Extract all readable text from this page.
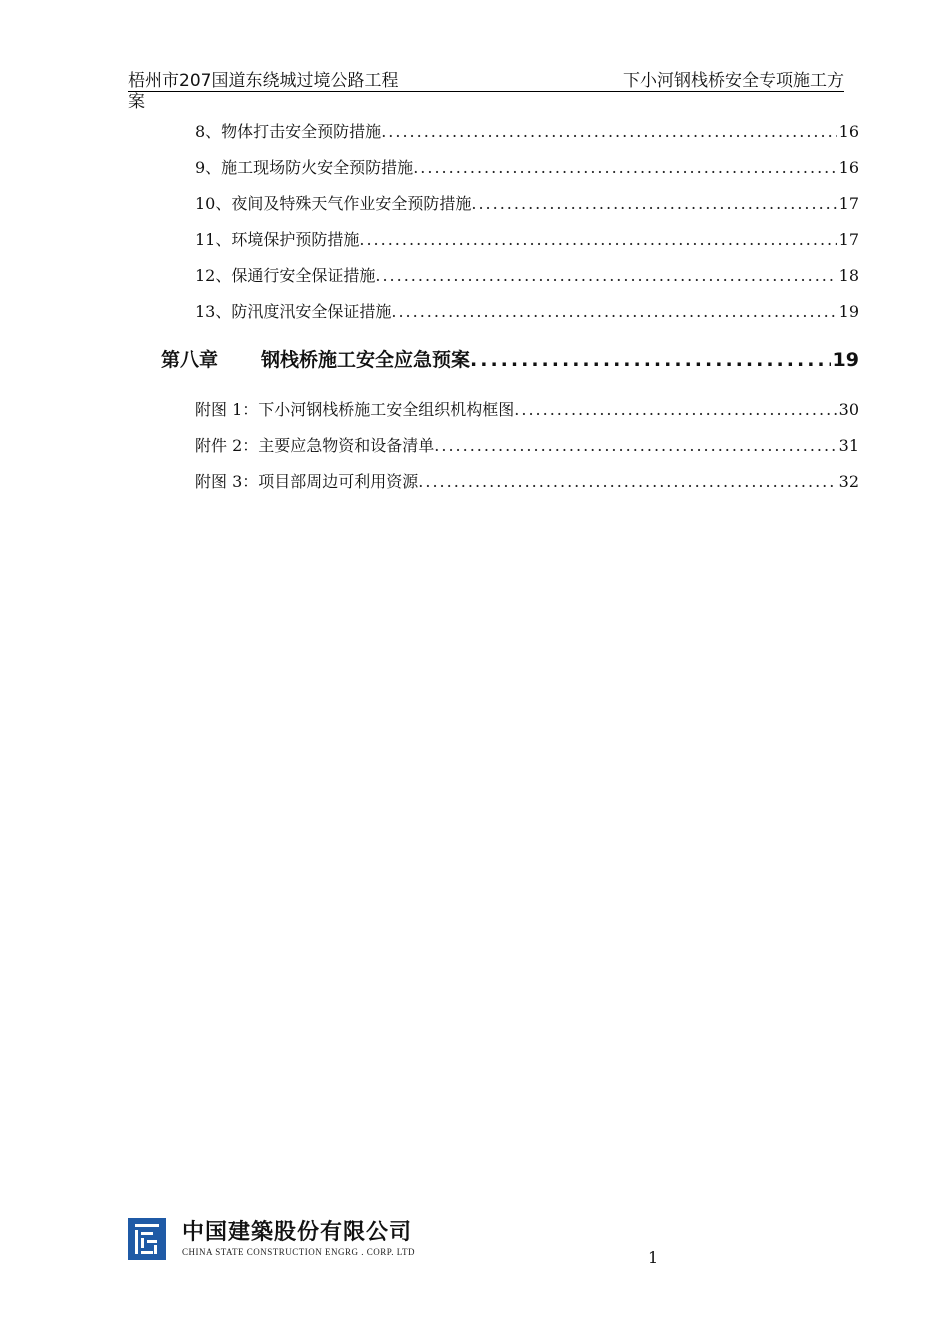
梧州市207国道东绕城过境公路工程	下小河钢栈桥安全专项施工方
案
8、物体打击安全预防措施 .....	16
9、施工现场防火安全预防措施 .....	16
10、夜间及特殊天气作业安全预防措施 .....	17
11、环境保护预防措施 .....	17
12、保通行安全保证措施 .....	18
13、防汛度汛安全保证措施 .....	19
第八章	钢栈桥施工安全应急预案 .....	19
附图 1：下小河钢栈桥施工安全组织机构框图 .....	30
附件 2：主要应急物资和设备清单 .....	31
附图 3：项目部周边可利用资源 .....	32
中国建築股份有限公司
CHINA STATE CONSTRUCTION ENGRG . CORP. LTD	1
